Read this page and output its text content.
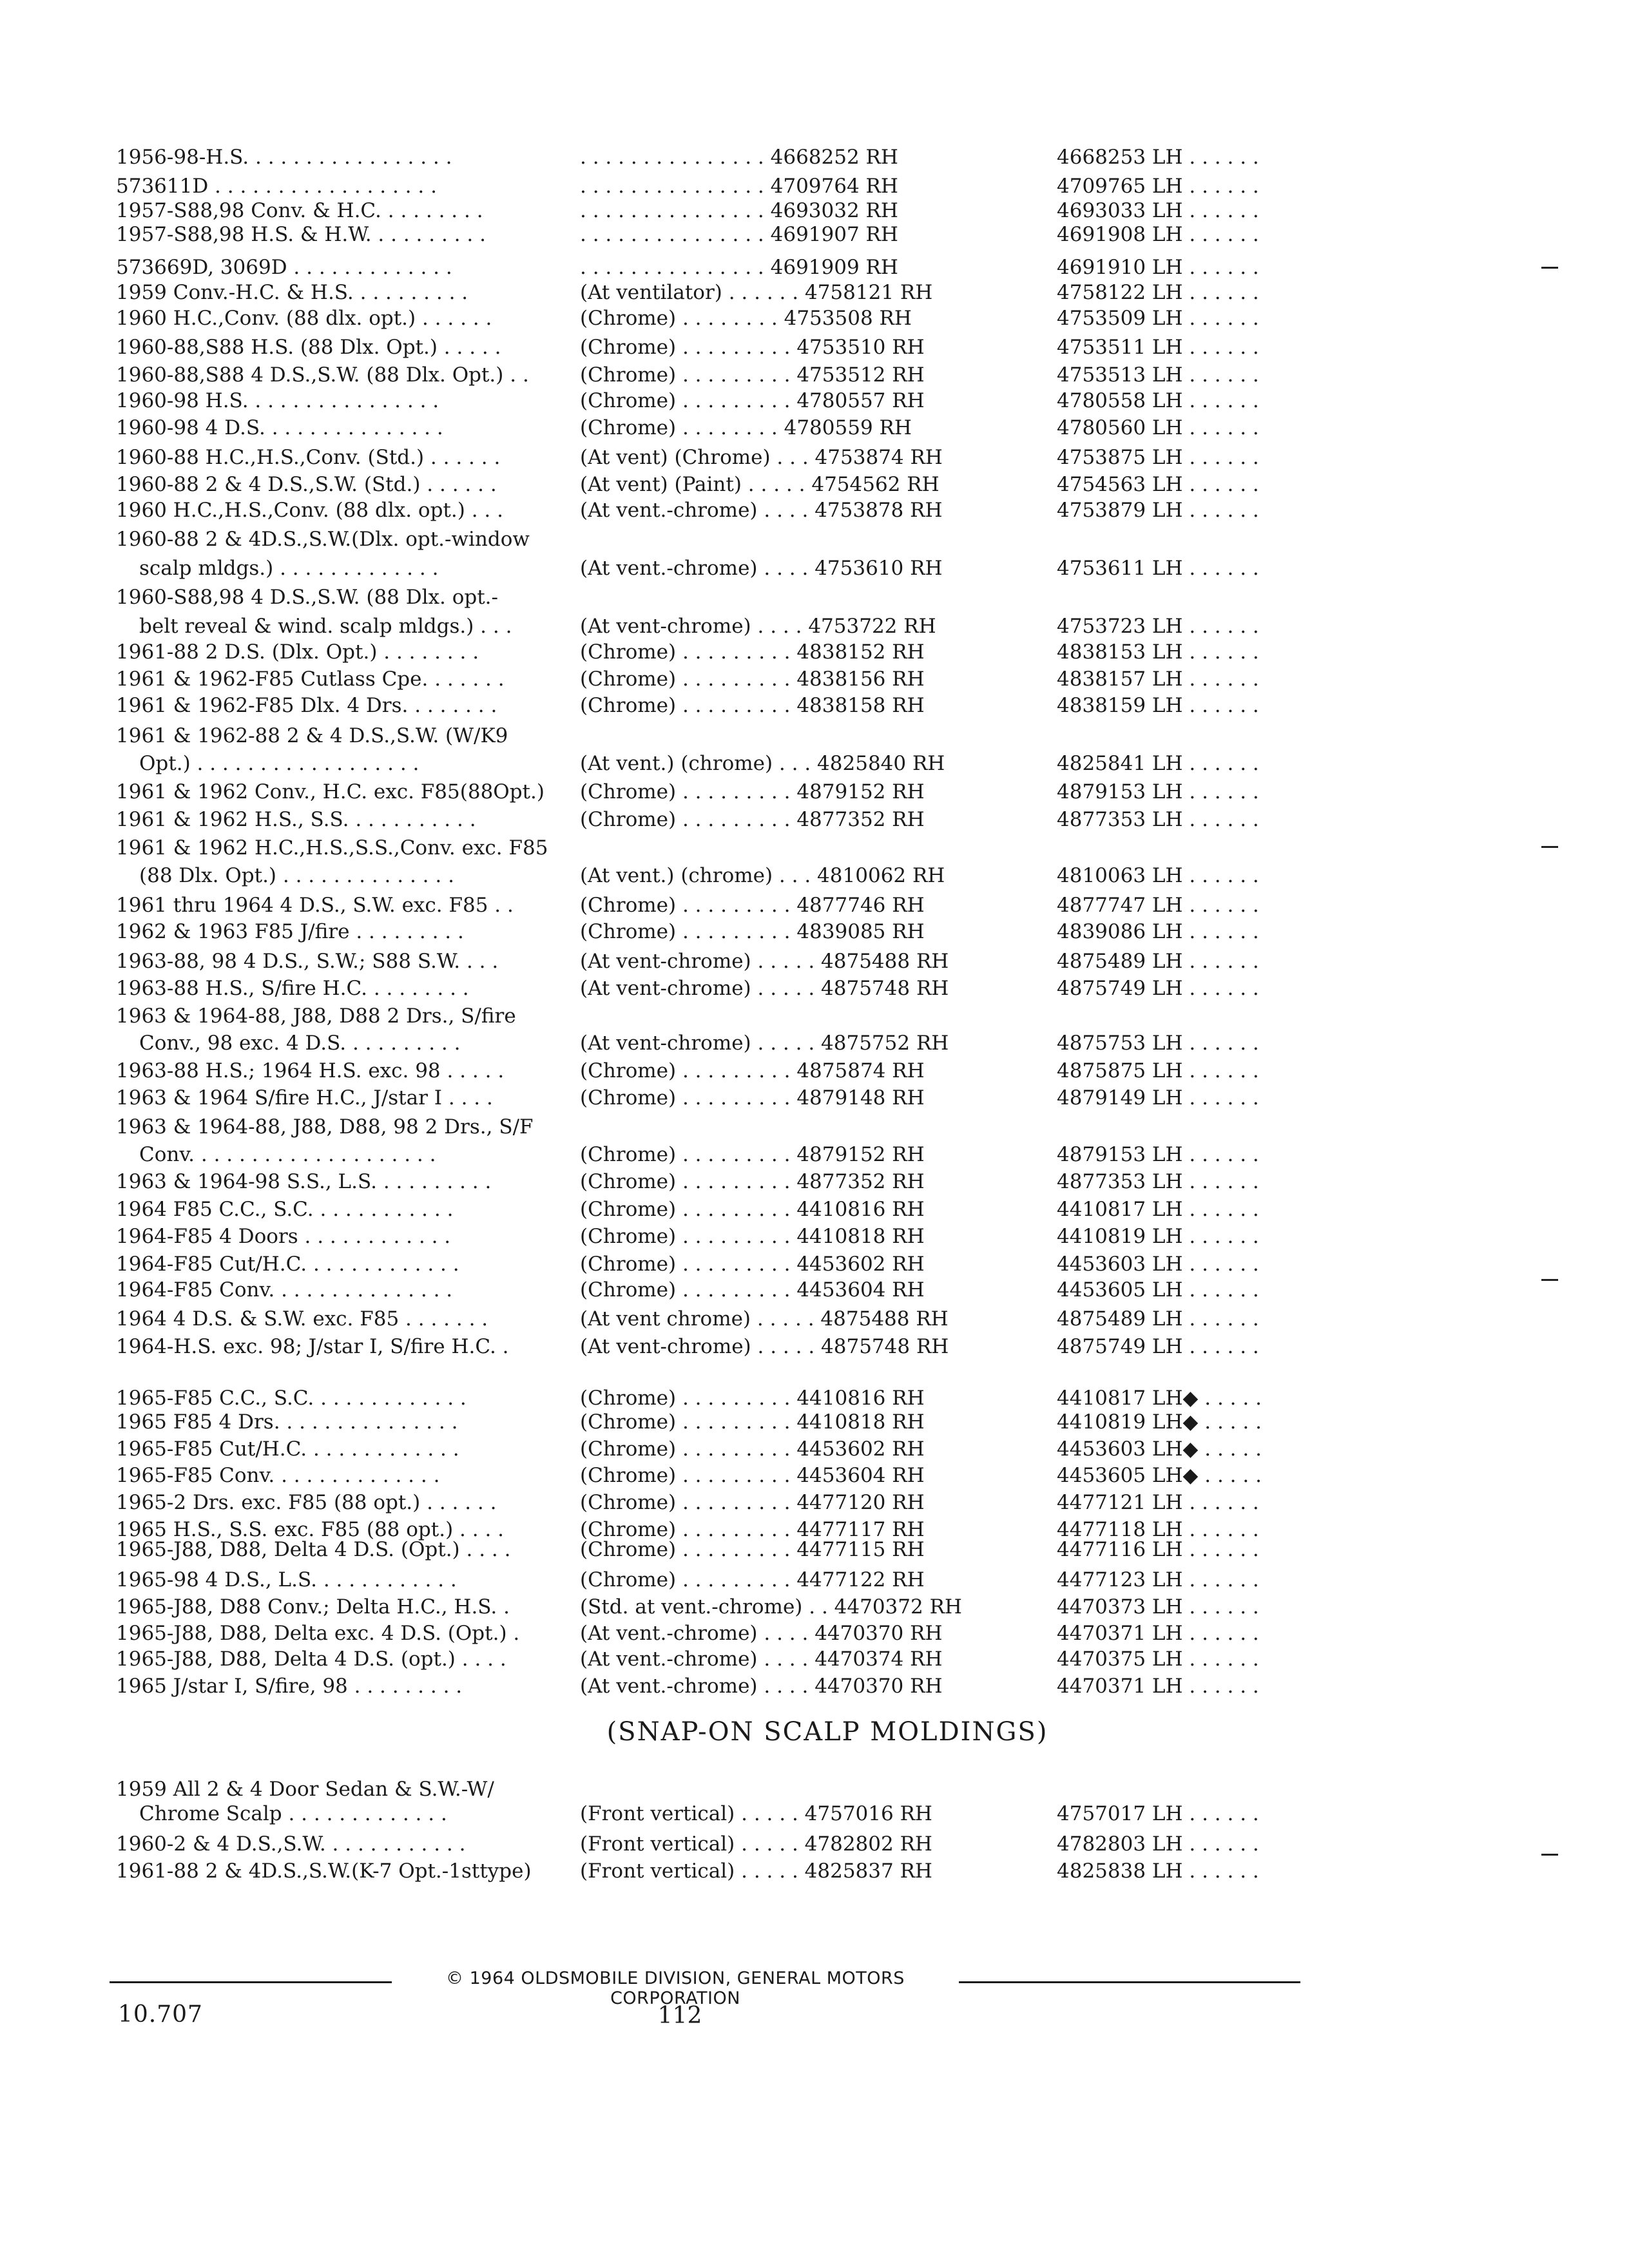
1956-98-H.S. . . . . . . . . . . . . . . . .	. . . . . . . . . . . . . . . 4668252 RH	4668253 LH . . . . . .
573611D . . . . . . . . . . . . . . . . . .	. . . . . . . . . . . . . . . 4709764 RH	4709765 LH . . . . . .
1957-S88,98 Conv. & H.C. . . . . . . . .	. . . . . . . . . . . . . . . 4693032 RH	4693033 LH . . . . . .
1957-S88,98 H.S. & H.W. . . . . . . . . .	. . . . . . . . . . . . . . . 4691907 RH	4691908 LH . . . . . .
573669D, 3069D . . . . . . . . . . . . .	. . . . . . . . . . . . . . . 4691909 RH	4691910 LH . . . . . .
1959 Conv.-H.C. & H.S. . . . . . . . . .	(At ventilator) . . . . . . 4758121 RH	4758122 LH . . . . . .
1960 H.C.,Conv. (88 dlx. opt.) . . . . . .	(Chrome) . . . . . . . . 4753508 RH	4753509 LH . . . . . .
1960-88,S88 H.S. (88 Dlx. Opt.) . . . . .	(Chrome) . . . . . . . . . 4753510 RH	4753511 LH . . . . . .
1960-88,S88 4 D.S.,S.W. (88 Dlx. Opt.) . .	(Chrome) . . . . . . . . . 4753512 RH	4753513 LH . . . . . .
1960-98 H.S. . . . . . . . . . . . . . . .	(Chrome) . . . . . . . . . 4780557 RH	4780558 LH . . . . . .
1960-98 4 D.S. . . . . . . . . . . . . . .	(Chrome) . . . . . . . . 4780559 RH	4780560 LH . . . . . .
1960-88 H.C.,H.S.,Conv. (Std.) . . . . . .	(At vent) (Chrome) . . . 4753874 RH	4753875 LH . . . . . .
1960-88 2 & 4 D.S.,S.W. (Std.) . . . . . .	(At vent) (Paint) . . . . . 4754562 RH	4754563 LH . . . . . .
1960 H.C.,H.S.,Conv. (88 dlx. opt.) . . .	(At vent.-chrome) . . . . 4753878 RH	4753879 LH . . . . . .
1960-88 2 & 4D.S.,S.W.(Dlx. opt.-window
scalp mldgs.) . . . . . . . . . . . . .	(At vent.-chrome) . . . . 4753610 RH	4753611 LH . . . . . .
1960-S88,98 4 D.S.,S.W. (88 Dlx. opt.-
belt reveal & wind. scalp mldgs.) . . .	(At vent-chrome) . . . . 4753722 RH	4753723 LH . . . . . .
1961-88 2 D.S. (Dlx. Opt.) . . . . . . . .	(Chrome) . . . . . . . . . 4838152 RH	4838153 LH . . . . . .
1961 & 1962-F85 Cutlass Cpe. . . . . . .	(Chrome) . . . . . . . . . 4838156 RH	4838157 LH . . . . . .
1961 & 1962-F85 Dlx. 4 Drs. . . . . . . .	(Chrome) . . . . . . . . . 4838158 RH	4838159 LH . . . . . .
1961 & 1962-88 2 & 4 D.S.,S.W. (W/K9
Opt.) . . . . . . . . . . . . . . . . . .	(At vent.) (chrome) . . . 4825840 RH	4825841 LH . . . . . .
1961 & 1962 Conv., H.C. exc. F85(88Opt.)	(Chrome) . . . . . . . . . 4879152 RH	4879153 LH . . . . . .
1961 & 1962 H.S., S.S. . . . . . . . . . .	(Chrome) . . . . . . . . . 4877352 RH	4877353 LH . . . . . .
1961 & 1962 H.C.,H.S.,S.S.,Conv. exc. F85
(88 Dlx. Opt.) . . . . . . . . . . . . . .	(At vent.) (chrome) . . . 4810062 RH	4810063 LH . . . . . .
1961 thru 1964 4 D.S., S.W. exc. F85 . .	(Chrome) . . . . . . . . . 4877746 RH	4877747 LH . . . . . .
1962 & 1963 F85 J/fire . . . . . . . . .	(Chrome) . . . . . . . . . 4839085 RH	4839086 LH . . . . . .
1963-88, 98 4 D.S., S.W.; S88 S.W. . . .	(At vent-chrome) . . . . . 4875488 RH	4875489 LH . . . . . .
1963-88 H.S., S/fire H.C. . . . . . . . .	(At vent-chrome) . . . . . 4875748 RH	4875749 LH . . . . . .
1963 & 1964-88, J88, D88 2 Drs., S/fire
Conv., 98 exc. 4 D.S. . . . . . . . . .	(At vent-chrome) . . . . . 4875752 RH	4875753 LH . . . . . .
1963-88 H.S.; 1964 H.S. exc. 98 . . . . .	(Chrome) . . . . . . . . . 4875874 RH	4875875 LH . . . . . .
1963 & 1964 S/fire H.C., J/star I . . . .	(Chrome) . . . . . . . . . 4879148 RH	4879149 LH . . . . . .
1963 & 1964-88, J88, D88, 98 2 Drs., S/F
Conv. . . . . . . . . . . . . . . . . . . .	(Chrome) . . . . . . . . . 4879152 RH	4879153 LH . . . . . .
1963 & 1964-98 S.S., L.S. . . . . . . . . .	(Chrome) . . . . . . . . . 4877352 RH	4877353 LH . . . . . .
1964 F85 C.C., S.C. . . . . . . . . . . .	(Chrome) . . . . . . . . . 4410816 RH	4410817 LH . . . . . .
1964-F85 4 Doors . . . . . . . . . . . .	(Chrome) . . . . . . . . . 4410818 RH	4410819 LH . . . . . .
1964-F85 Cut/H.C. . . . . . . . . . . . .	(Chrome) . . . . . . . . . 4453602 RH	4453603 LH . . . . . .
1964-F85 Conv. . . . . . . . . . . . . . .	(Chrome) . . . . . . . . . 4453604 RH	4453605 LH . . . . . .
1964 4 D.S. & S.W. exc. F85 . . . . . . .	(At vent chrome) . . . . . 4875488 RH	4875489 LH . . . . . .
1964-H.S. exc. 98; J/star I, S/fire H.C. .	(At vent-chrome) . . . . . 4875748 RH	4875749 LH . . . . . .
1965-F85 C.C., S.C. . . . . . . . . . . . .	(Chrome) . . . . . . . . . 4410816 RH	4410817 LH◆ . . . . .
1965 F85 4 Drs. . . . . . . . . . . . . . .	(Chrome) . . . . . . . . . 4410818 RH	4410819 LH◆ . . . . .
1965-F85 Cut/H.C. . . . . . . . . . . . .	(Chrome) . . . . . . . . . 4453602 RH	4453603 LH◆ . . . . .
1965-F85 Conv. . . . . . . . . . . . . .	(Chrome) . . . . . . . . . 4453604 RH	4453605 LH◆ . . . . .
1965-2 Drs. exc. F85 (88 opt.) . . . . . .	(Chrome) . . . . . . . . . 4477120 RH	4477121 LH . . . . . .
1965 H.S., S.S. exc. F85 (88 opt.) . . . .	(Chrome) . . . . . . . . . 4477117 RH	4477118 LH . . . . . .
1965-J88, D88, Delta 4 D.S. (Opt.) . . . .	(Chrome) . . . . . . . . . 4477115 RH	4477116 LH . . . . . .
1965-98 4 D.S., L.S. . . . . . . . . . . .	(Chrome) . . . . . . . . . 4477122 RH	4477123 LH . . . . . .
1965-J88, D88 Conv.; Delta H.C., H.S. .	(Std. at vent.-chrome) . . 4470372 RH	4470373 LH . . . . . .
1965-J88, D88, Delta exc. 4 D.S. (Opt.) .	(At vent.-chrome) . . . . 4470370 RH	4470371 LH . . . . . .
1965-J88, D88, Delta 4 D.S. (opt.) . . . .	(At vent.-chrome) . . . . 4470374 RH	4470375 LH . . . . . .
1965 J/star I, S/fire, 98 . . . . . . . . .	(At vent.-chrome) . . . . 4470370 RH	4470371 LH . . . . . .
(SNAP-ON SCALP MOLDINGS)
1959 All 2 & 4 Door Sedan & S.W.-W/
Chrome Scalp . . . . . . . . . . . . .	(Front vertical) . . . . . 4757016 RH	4757017 LH . . . . . .
1960-2 & 4 D.S.,S.W. . . . . . . . . . . .	(Front vertical) . . . . . 4782802 RH	4782803 LH . . . . . .
1961-88 2 & 4D.S.,S.W.(K-7 Opt.-1sttype)	(Front vertical) . . . . . 4825837 RH	4825838 LH . . . . . .
© 1964 OLDSMOBILE DIVISION, GENERAL MOTORS CORPORATION
10.707	112
